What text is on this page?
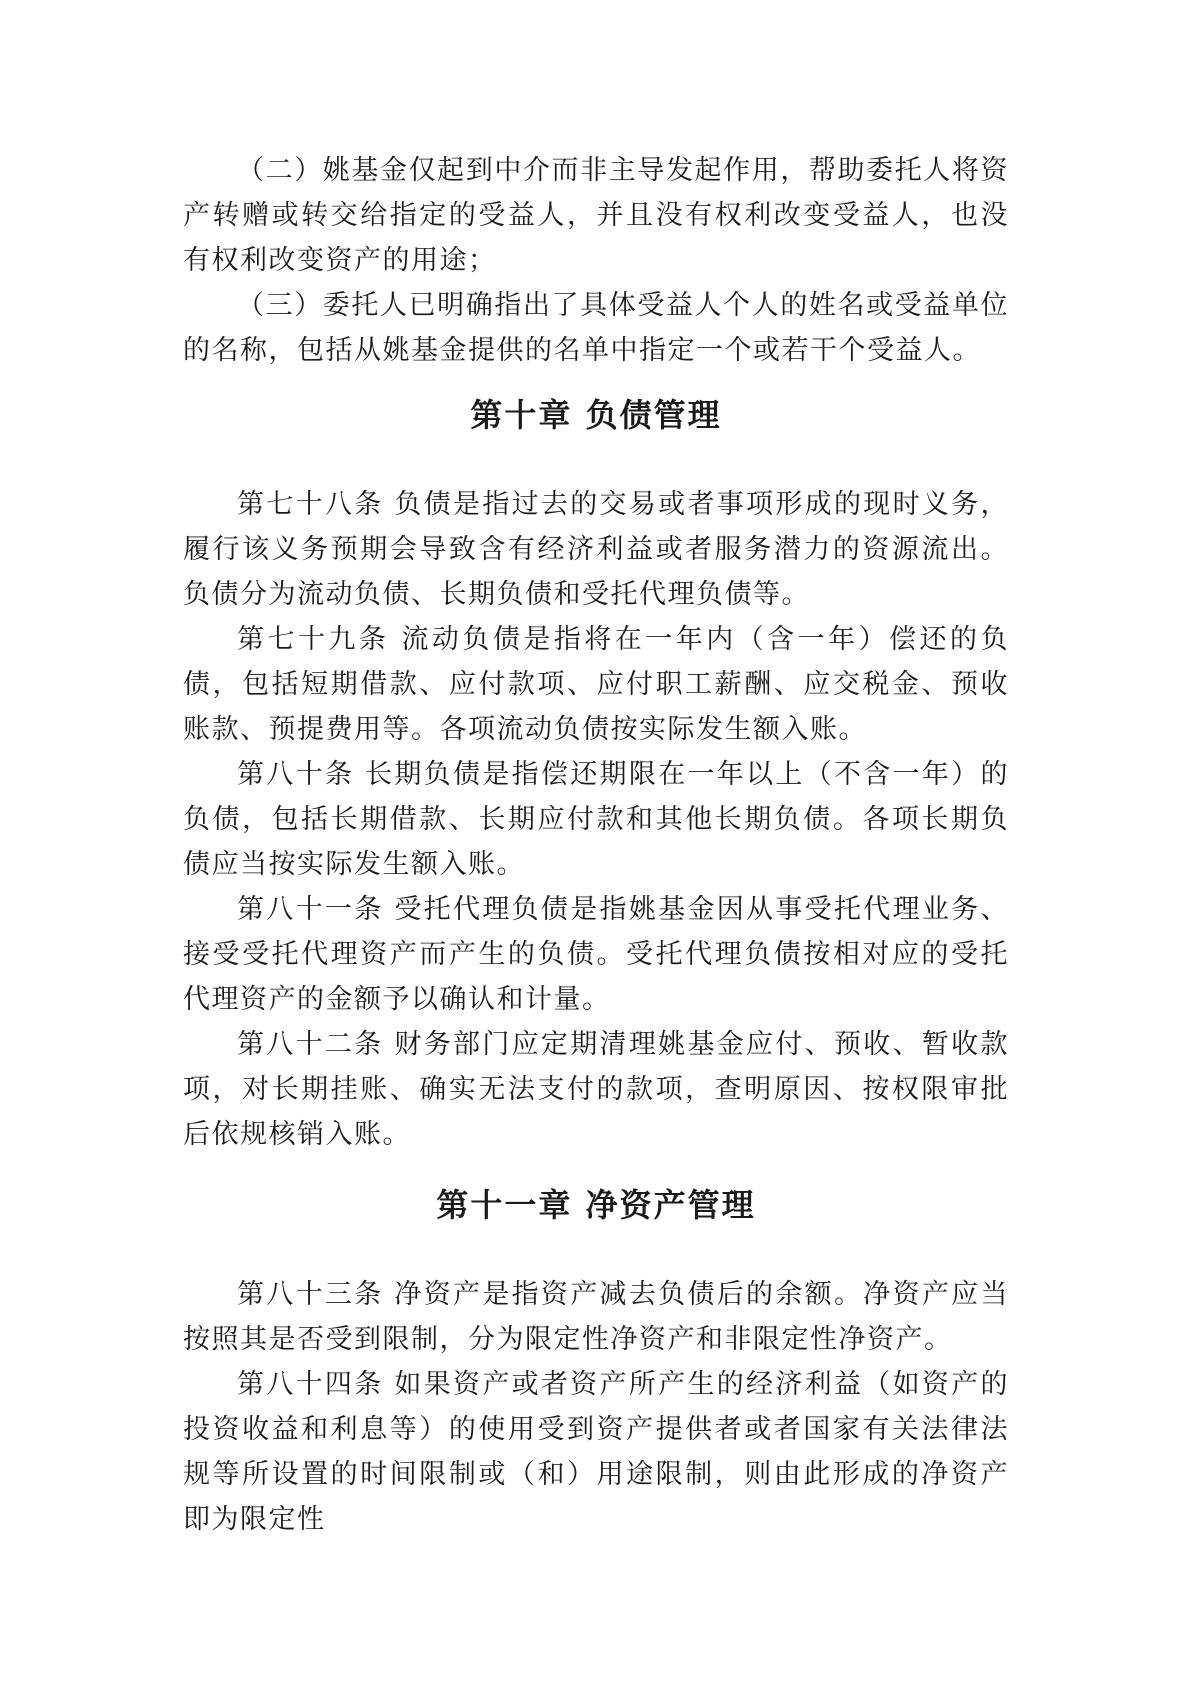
（二）姚基金仅起到中介而非主导发起作用，帮助委托人将资产转赠或转交给指定的受益人，并且没有权利改变受益人，也没有权利改变资产的用途；

（三）委托人已明确指出了具体受益人个人的姓名或受益单位的名称，包括从姚基金提供的名单中指定一个或若干个受益人。

第十章 负债管理

第七十八条 负债是指过去的交易或者事项形成的现时义务，履行该义务预期会导致含有经济利益或者服务潜力的资源流出。负债分为流动负债、长期负债和受托代理负债等。

第七十九条 流动负债是指将在一年内（含一年）偿还的负债，包括短期借款、应付款项、应付职工薪酬、应交税金、预收账款、预提费用等。各项流动负债按实际发生额入账。

第八十条 长期负债是指偿还期限在一年以上（不含一年）的负债，包括长期借款、长期应付款和其他长期负债。各项长期负债应当按实际发生额入账。

第八十一条 受托代理负债是指姚基金因从事受托代理业务、接受受托代理资产而产生的负债。受托代理负债按相对应的受托代理资产的金额予以确认和计量。

第八十二条 财务部门应定期清理姚基金应付、预收、暂收款项，对长期挂账、确实无法支付的款项，查明原因、按权限审批后依规核销入账。

第十一章 净资产管理

第八十三条 净资产是指资产减去负债后的余额。净资产应当按照其是否受到限制，分为限定性净资产和非限定性净资产。

第八十四条 如果资产或者资产所产生的经济利益（如资产的投资收益和利息等）的使用受到资产提供者或者国家有关法律法规等所设置的时间限制或（和）用途限制，则由此形成的净资产即为限定性
